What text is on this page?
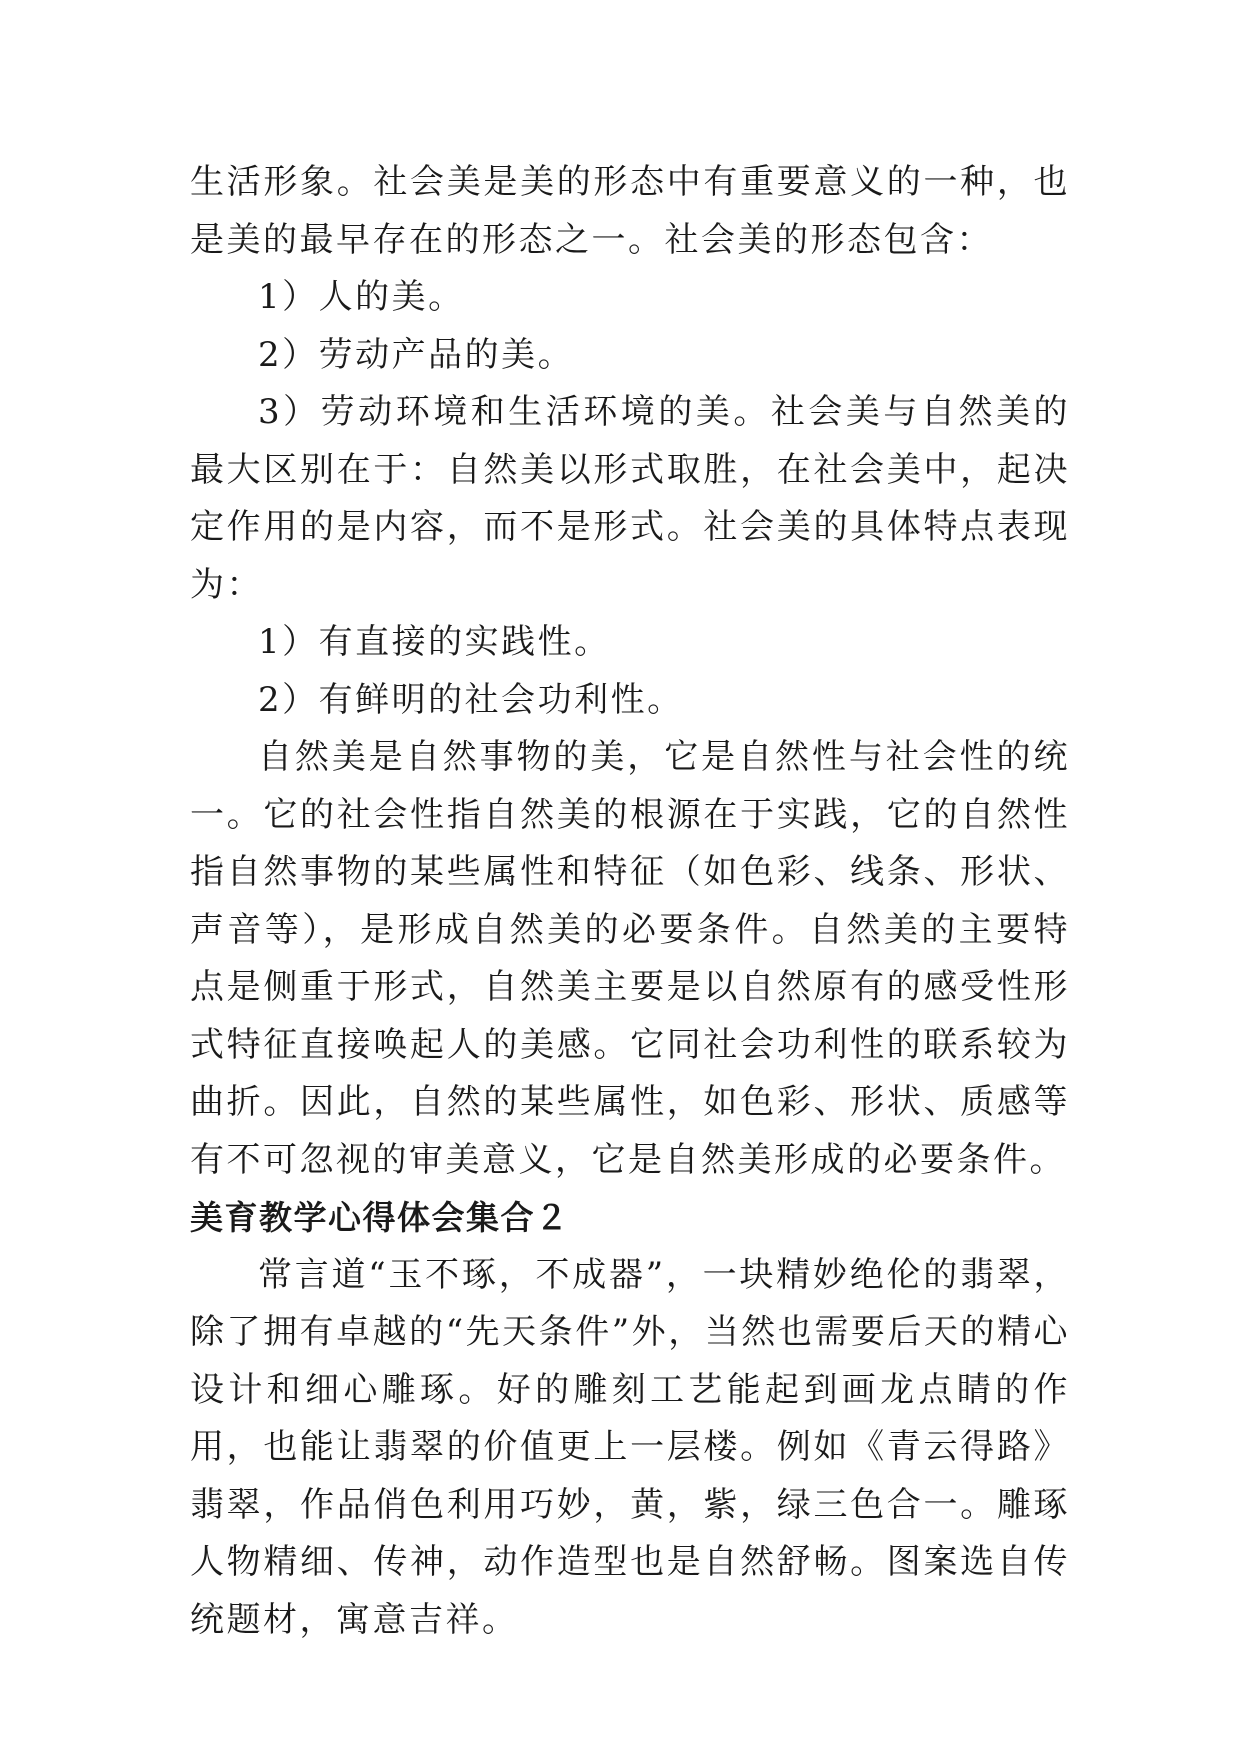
生活形象。社会美是美的形态中有重要意义的一种，也是美的最早存在的形态之一。社会美的形态包含：

1）人的美。

2）劳动产品的美。

3）劳动环境和生活环境的美。社会美与自然美的最大区别在于：自然美以形式取胜，在社会美中，起决定作用的是内容，而不是形式。社会美的具体特点表现为：

1）有直接的实践性。

2）有鲜明的社会功利性。

自然美是自然事物的美，它是自然性与社会性的统一。它的社会性指自然美的根源在于实践，它的自然性指自然事物的某些属性和特征（如色彩、线条、形状、声音等），是形成自然美的必要条件。自然美的主要特点是侧重于形式，自然美主要是以自然原有的感受性形式特征直接唤起人的美感。它同社会功利性的联系较为曲折。因此，自然的某些属性，如色彩、形状、质感等有不可忽视的审美意义，它是自然美形成的必要条件。

美育教学心得体会集合２

常言道“玉不琢，不成器”，一块精妙绝伦的翡翠，除了拥有卓越的“先天条件”外，当然也需要后天的精心设计和细心雕琢。好的雕刻工艺能起到画龙点睛的作用，也能让翡翠的价值更上一层楼。例如《青云得路》翡翠，作品俏色利用巧妙，黄，紫，绿三色合一。雕琢人物精细、传神，动作造型也是自然舒畅。图案选自传统题材，寓意吉祥。
